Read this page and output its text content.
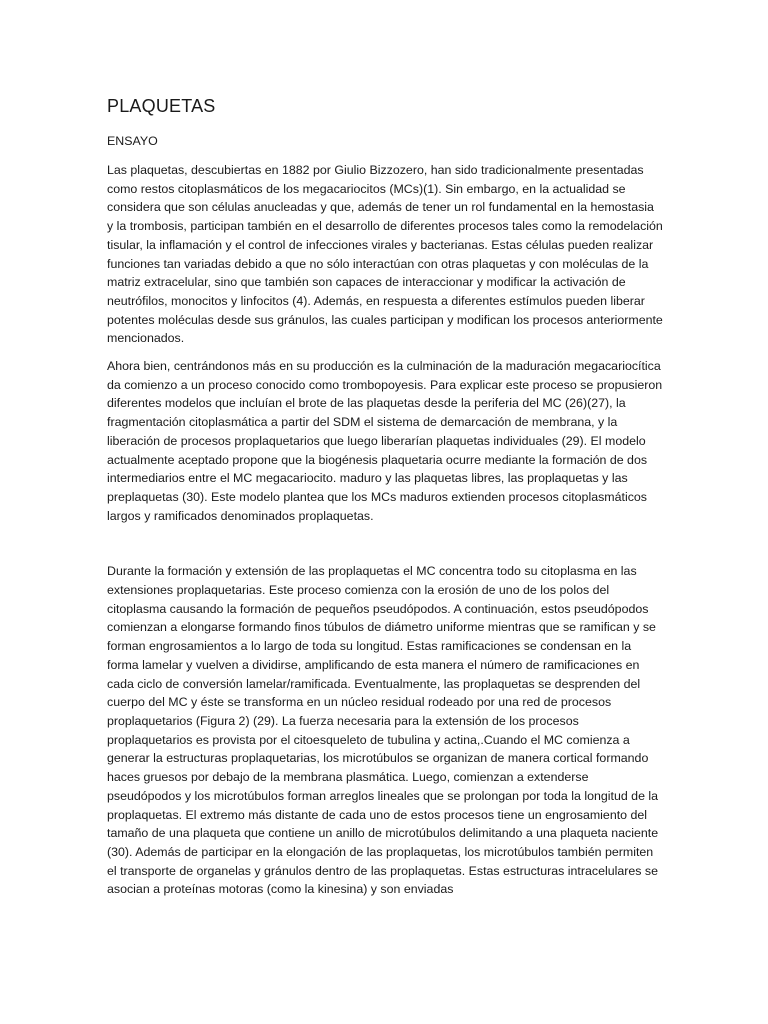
PLAQUETAS
ENSAYO

Las plaquetas, descubiertas en 1882 por Giulio Bizzozero, han sido tradicionalmente presentadas como restos citoplasmáticos de los megacariocitos (MCs)(1). Sin embargo, en la actualidad se considera que son células anucleadas y que, además de tener un rol fundamental en la hemostasia y la trombosis, participan también en el desarrollo de diferentes procesos tales como la remodelación tisular, la inflamación y el control de infecciones virales y bacterianas. Estas células pueden realizar funciones tan variadas debido a que no sólo interactúan con otras plaquetas y con moléculas de la matriz extracelular, sino que también son capaces de interaccionar y modificar la activación de neutrófilos, monocitos y linfocitos (4). Además, en respuesta a diferentes estímulos pueden liberar potentes moléculas desde sus gránulos, las cuales participan y modifican los procesos anteriormente mencionados.

Ahora bien, centrándonos más en su producción es la culminación de la maduración megacariocítica da comienzo a un proceso conocido como trombopoyesis. Para explicar este proceso se propusieron diferentes modelos que incluían el brote de las plaquetas desde la periferia del MC (26)(27), la fragmentación citoplasmática a partir del SDM el sistema de demarcación de membrana, y la liberación de procesos proplaquetarios que luego liberarían plaquetas individuales (29). El modelo actualmente aceptado propone que la biogénesis plaquetaria ocurre mediante la formación de dos intermediarios entre el MC megacariocito. maduro y las plaquetas libres, las proplaquetas y las preplaquetas (30). Este modelo plantea que los MCs maduros extienden procesos citoplasmáticos largos y ramificados denominados proplaquetas.

Durante la formación y extensión de las proplaquetas el MC concentra todo su citoplasma en las extensiones proplaquetarias. Este proceso comienza con la erosión de uno de los polos del citoplasma causando la formación de pequeños pseudópodos. A continuación, estos pseudópodos comienzan a elongarse formando finos túbulos de diámetro uniforme mientras que se ramifican y se forman engrosamientos a lo largo de toda su longitud. Estas ramificaciones se condensan en la forma lamelar y vuelven a dividirse, amplificando de esta manera el número de ramificaciones en cada ciclo de conversión lamelar/ramificada. Eventualmente, las proplaquetas se desprenden del cuerpo del MC y éste se transforma en un núcleo residual rodeado por una red de procesos proplaquetarios (Figura 2) (29). La fuerza necesaria para la extensión de los procesos proplaquetarios es provista por el citoesqueleto de tubulina y actina,.Cuando el MC comienza a generar la estructuras proplaquetarias, los microtúbulos se organizan de manera cortical formando haces gruesos por debajo de la membrana plasmática. Luego, comienzan a extenderse pseudópodos y los microtúbulos forman arreglos lineales que se prolongan por toda la longitud de la proplaquetas. El extremo más distante de cada uno de estos procesos tiene un engrosamiento del tamaño de una plaqueta que contiene un anillo de microtúbulos delimitando a una plaqueta naciente (30). Además de participar en la elongación de las proplaquetas, los microtúbulos también permiten el transporte de organelas y gránulos dentro de las proplaquetas. Estas estructuras intracelulares se asocian a proteínas motoras (como la kinesina) y son enviadas
